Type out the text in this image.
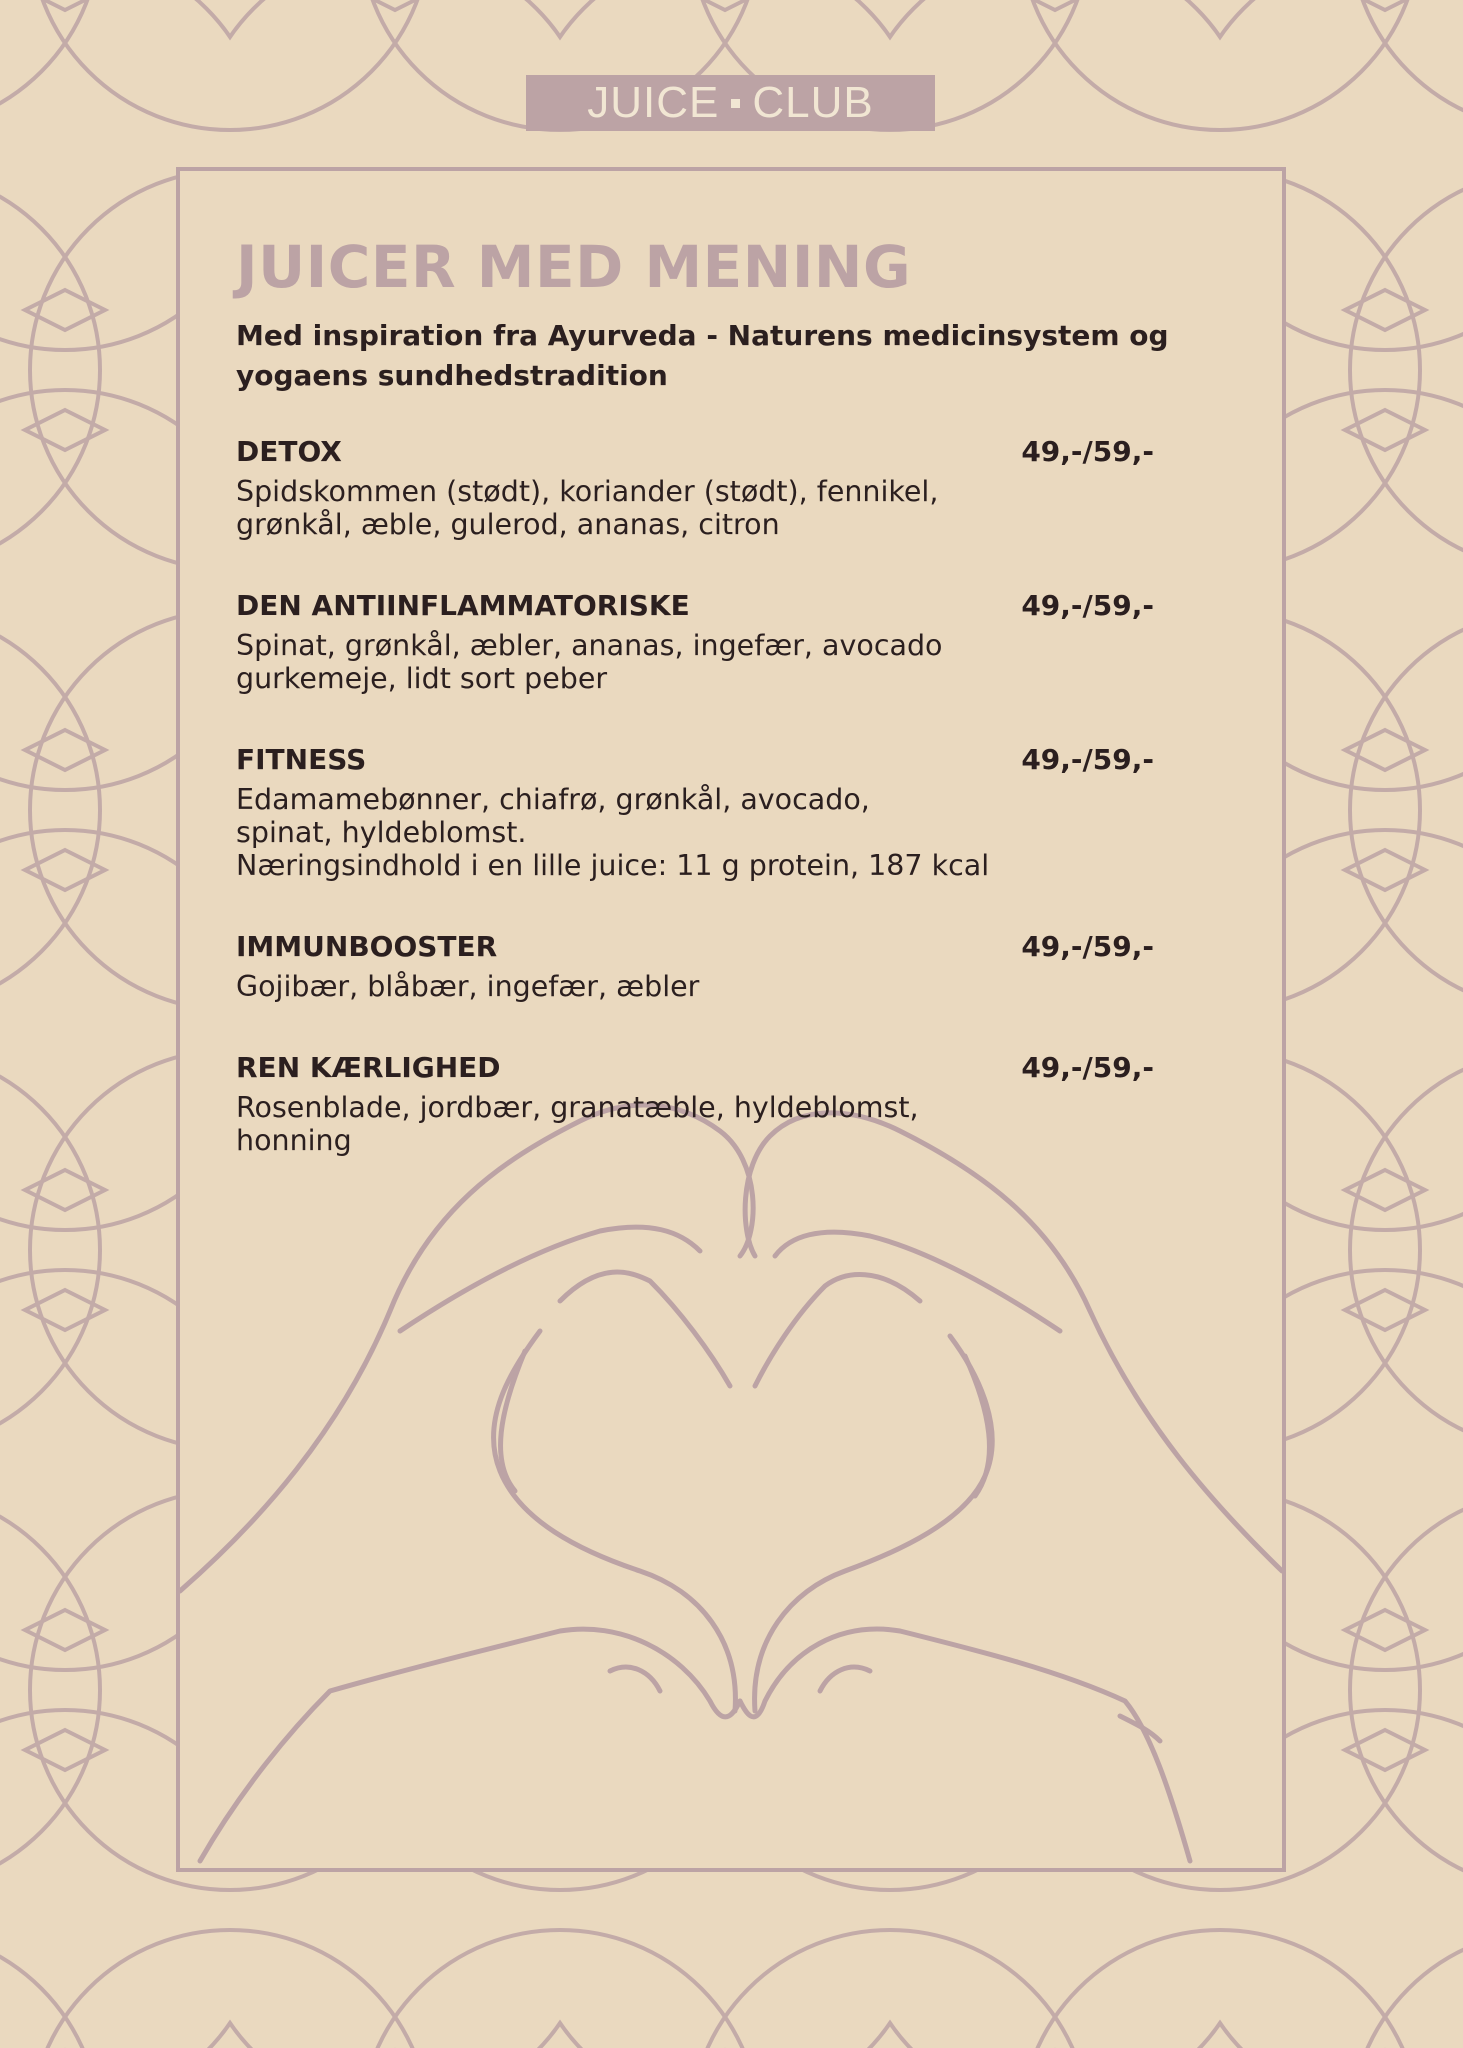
JUICE CLUB
JUICER MED MENING

Med inspiration fra Ayurveda - Naturens medicinsystem og yogaens sundhedstradition

DETOX	49,-/59,-
Spidskommen (stødt), koriander (stødt), fennikel,
grønkål, æble, gulerod, ananas, citron
DEN ANTIINFLAMMATORISKE	49,-/59,-
Spinat, grønkål, æbler, ananas, ingefær, avocado
gurkemeje, lidt sort peber
FITNESS	49,-/59,-
Edamamebønner, chiafrø, grønkål, avocado,
spinat, hyldeblomst.
Næringsindhold i en lille juice: 11 g protein, 187 kcal
IMMUNBOOSTER	49,-/59,-
Gojibær, blåbær, ingefær, æbler
REN KÆRLIGHED	49,-/59,-
Rosenblade, jordbær, granatæble, hyldeblomst,
honning
